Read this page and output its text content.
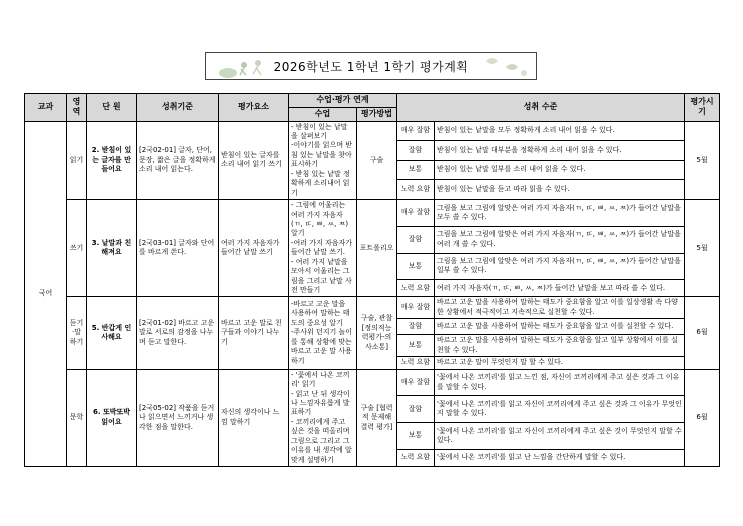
2026학년도 1학년 1학기 평가계획
교과	영역	단 원	성취기준	평가요소	수업·평가 연계		성취 수준		평가시기
					수업	평가방법			
국어	읽기	2. 받침이 있는 글자를 만들어요	[2국02-01] 글자, 단어, 문장, 짧은 글을 정확하게 소리 내어 읽는다.	받침이 있는 글자를 소리 내어 읽기 쓰기	- 받침이 있는 낱말을 살펴보기
-이야기를 읽으며 받침 있는 낱말을 찾아 표시하기
- 받침 있는 낱말 정확하게 소리내어 읽기	구술	매우 잘함	받침이 있는 낱말을 모두 정확하게 소리 내어 읽을 수 있다.	5월
							잘함	받침이 있는 낱말 대부분을 정확하게 소리 내어 읽을 수 있다.	
							보통	받침이 있는 낱말 일부를 소리 내어 읽을 수 있다.	
							노력 요함	받침이 있는 낱말을 듣고 따라 읽을 수 있다.	
	쓰기	3. 낱말과 친해져요	[2국03-01] 글자와 단어를 바르게 쓴다.	여러 가지 자음자가 들어간 낱말 쓰기	- 그림에 어울리는 여러 가지 자음자(ㄲ, ㄸ, ㅃ, ㅆ, ㅉ) 알기
-여러 가지 자음자가 들어간 낱말 쓰기.
- 여러 가지 낱말을 모아서 어울리는 그림을 그리고 낱말 사전 만들기	포트폴리오	매우 잘함	그림을 보고 그림에 알맞은 여러 가지 자음자(ㄲ, ㄸ, ㅃ, ㅆ, ㅉ)가 들어간 낱말을 모두 쓸 수 있다.	5월
							잘함	그림을 보고 그림에 알맞은 여러 가지 자음자(ㄲ, ㄸ, ㅃ, ㅆ, ㅉ)가 들어간 낱말을 여러 개 쓸 수 있다.	
							보통	그림을 보고 그림에 알맞은 여러 가지 자음자(ㄲ, ㄸ, ㅃ, ㅆ, ㅉ)가 들어간 낱말을 일부 쓸 수 있다.	
							노력 요함	여러 가지 자음자(ㄲ, ㄸ, ㅃ, ㅆ, ㅉ)가 들어간 낱말을 보고 따라 쓸 수 있다.	
	듣기·말하기	5. 반갑게 인사해요	[2국01-02] 바르고 고운 말로 서로의 감정을 나누며 듣고 말한다.	바르고 고운 말로 친구들과 이야기 나누기	-바르고 고운 말을 사용하여 말하는 태도의 중요성 알기
-주사위 던지기 놀이를 통해 상황에 맞는 바르고 고운 말 사용하기	구술, 관찰 [정의적능력평가-의사소통]	매우 잘함	바르고 고운 말을 사용하여 말하는 태도가 중요함을 알고 이를 일상생활 속 다양한 상황에서 적극적이고 지속적으로 실천할 수 있다.	6월
							잘함	바르고 고운 말을 사용하여 말하는 태도가 중요함을 알고 이를 실천할 수 있다.	
							보통	바르고 고운 말을 사용하여 말하는 태도가 중요함을 알고 일부 상황에서 이를 실천할 수 있다.	
							노력 요함	바르고 고운 말이 무엇인지 말 할 수 있다.	
	문학	6. 또박또박 읽어요	[2국05-02] 작품을 듣거나 읽으면서 느끼거나 생각한 점을 말한다.	자신의 생각이나 느낌 말하기	- '꽃에서 나온 코끼리' 읽기
- 읽고 난 뒤 생각이나 느낌자유롭게 발표하기
- 코끼리에게 주고 싶은 것을 떠올리며 그림으로 그리고 그 이유를 내 생각에 알맞게 설명하기	구술 [협력적 문제해결력 평가]	매우 잘함	'꽃에서 나온 코끼리'를 읽고 느낀 점, 자신이 코끼리에게 주고 싶은 것과 그 이유를 말할 수 있다.	6월
							잘함	'꽃에서 나온 코끼리'를 읽고 자신이 코끼리에게 주고 싶은 것과 그 이유가 무엇인지 말할 수 있다.	
							보통	'꽃에서 나온 코끼리'를 읽고 자신이 코끼리에게 주고 싶은 것이 무엇인지 말할 수 있다.	
							노력 요함	'꽃에서 나온 코끼리'를 읽고 난 느낌을 간단하게 말할 수 있다.	
